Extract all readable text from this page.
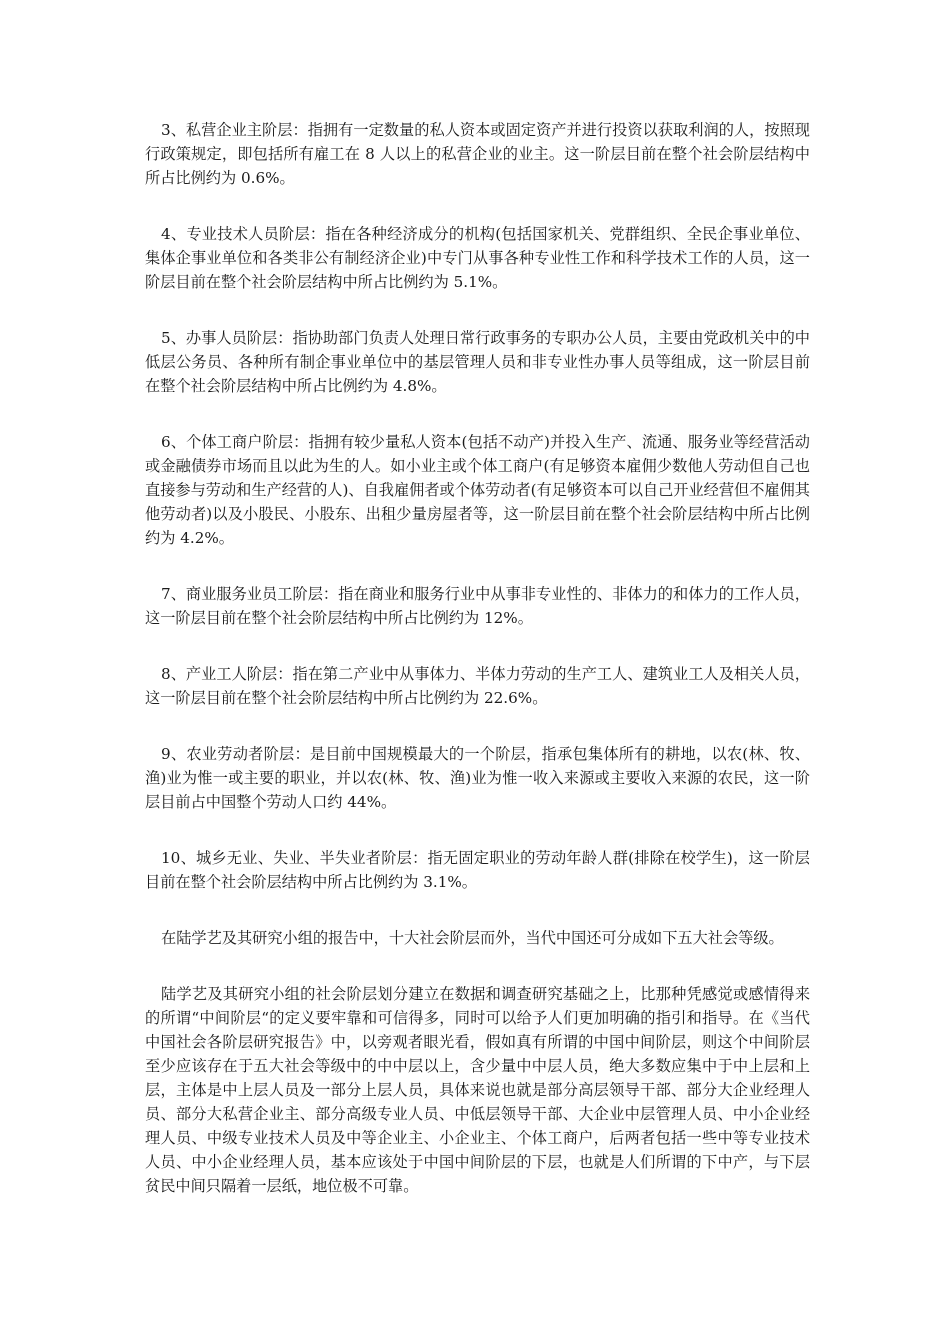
3、私营企业主阶层：指拥有一定数量的私人资本或固定资产并进行投资以获取利润的人，按照现行政策规定，即包括所有雇工在 8 人以上的私营企业的业主。这一阶层目前在整个社会阶层结构中所占比例约为 0.6%。

4、专业技术人员阶层：指在各种经济成分的机构(包括国家机关、党群组织、全民企事业单位、集体企事业单位和各类非公有制经济企业)中专门从事各种专业性工作和科学技术工作的人员，这一阶层目前在整个社会阶层结构中所占比例约为 5.1%。

5、办事人员阶层：指协助部门负责人处理日常行政事务的专职办公人员，主要由党政机关中的中低层公务员、各种所有制企事业单位中的基层管理人员和非专业性办事人员等组成，这一阶层目前在整个社会阶层结构中所占比例约为 4.8%。

6、个体工商户阶层：指拥有较少量私人资本(包括不动产)并投入生产、流通、服务业等经营活动或金融债券市场而且以此为生的人。如小业主或个体工商户(有足够资本雇佣少数他人劳动但自己也直接参与劳动和生产经营的人)、自我雇佣者或个体劳动者(有足够资本可以自己开业经营但不雇佣其他劳动者)以及小股民、小股东、出租少量房屋者等，这一阶层目前在整个社会阶层结构中所占比例约为 4.2%。

7、商业服务业员工阶层：指在商业和服务行业中从事非专业性的、非体力的和体力的工作人员，这一阶层目前在整个社会阶层结构中所占比例约为 12%。

8、产业工人阶层：指在第二产业中从事体力、半体力劳动的生产工人、建筑业工人及相关人员，这一阶层目前在整个社会阶层结构中所占比例约为 22.6%。

9、农业劳动者阶层：是目前中国规模最大的一个阶层，指承包集体所有的耕地，以农(林、牧、渔)业为惟一或主要的职业，并以农(林、牧、渔)业为惟一收入来源或主要收入来源的农民，这一阶层目前占中国整个劳动人口约 44%。

10、城乡无业、失业、半失业者阶层：指无固定职业的劳动年龄人群(排除在校学生)，这一阶层目前在整个社会阶层结构中所占比例约为 3.1%。

在陆学艺及其研究小组的报告中，十大社会阶层而外，当代中国还可分成如下五大社会等级。

陆学艺及其研究小组的社会阶层划分建立在数据和调查研究基础之上，比那种凭感觉或感情得来的所谓“中间阶层“的定义要牢靠和可信得多，同时可以给予人们更加明确的指引和指导。在《当代中国社会各阶层研究报告》中，以旁观者眼光看，假如真有所谓的中国中间阶层，则这个中间阶层至少应该存在于五大社会等级中的中中层以上，含少量中中层人员，绝大多数应集中于中上层和上层，主体是中上层人员及一部分上层人员，具体来说也就是部分高层领导干部、部分大企业经理人员、部分大私营企业主、部分高级专业人员、中低层领导干部、大企业中层管理人员、中小企业经理人员、中级专业技术人员及中等企业主、小企业主、个体工商户，后两者包括一些中等专业技术人员、中小企业经理人员，基本应该处于中国中间阶层的下层，也就是人们所谓的下中产，与下层贫民中间只隔着一层纸，地位极不可靠。
